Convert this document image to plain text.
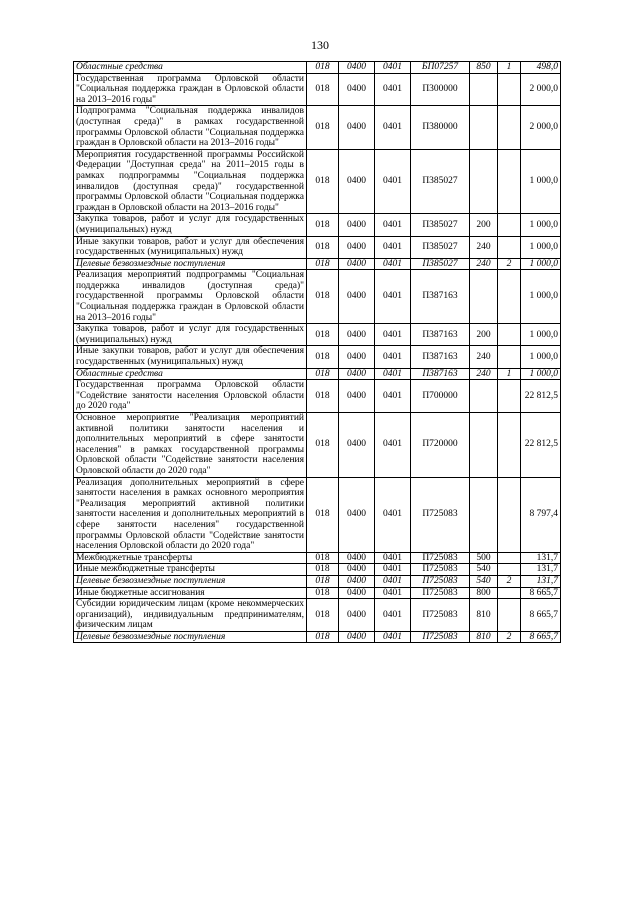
130
Областные средства	018	0400	0401	БП07257	850	1	498,0
Государственная программа Орловской области "Социальная поддержка граждан в Орловской области на 2013–2016 годы"	018	0400	0401	П300000			2 000,0
Подпрограмма "Социальная поддержка инвалидов (доступная среда)" в рамках государственной программы Орловской области "Социальная поддержка граждан в Орловской области на 2013–2016 годы"	018	0400	0401	П380000			2 000,0
Мероприятия государственной программы Российской Федерации "Доступная среда" на 2011–2015 годы в рамках подпрограммы "Социальная поддержка инвалидов (доступная среда)" государственной программы Орловской области "Социальная поддержка граждан в Орловской области на 2013–2016 годы"	018	0400	0401	П385027			1 000,0
Закупка товаров, работ и услуг для государственных (муниципальных) нужд	018	0400	0401	П385027	200		1 000,0
Иные закупки товаров, работ и услуг для обеспечения государственных (муниципальных) нужд	018	0400	0401	П385027	240		1 000,0
Целевые безвозмездные поступления	018	0400	0401	П385027	240	2	1 000,0
Реализация мероприятий подпрограммы "Социальная поддержка инвалидов (доступная среда)" государственной программы Орловской области "Социальная поддержка граждан в Орловской области на 2013–2016 годы"	018	0400	0401	П387163			1 000,0
Закупка товаров, работ и услуг для государственных (муниципальных) нужд	018	0400	0401	П387163	200		1 000,0
Иные закупки товаров, работ и услуг для обеспечения государственных (муниципальных) нужд	018	0400	0401	П387163	240		1 000,0
Областные средства	018	0400	0401	П387163	240	1	1 000,0
Государственная программа Орловской области "Содействие занятости населения Орловской области до 2020 года"	018	0400	0401	П700000			22 812,5
Основное мероприятие "Реализация мероприятий активной политики занятости населения и дополнительных мероприятий в сфере занятости населения" в рамках государственной программы Орловской области "Содействие занятости населения Орловской области до 2020 года"	018	0400	0401	П720000			22 812,5
Реализация дополнительных мероприятий в сфере занятости населения в рамках основного мероприятия "Реализация мероприятий активной политики занятости населения и дополнительных мероприятий в сфере занятости населения" государственной программы Орловской области "Содействие занятости населения Орловской области до 2020 года"	018	0400	0401	П725083			8 797,4
Межбюджетные трансферты	018	0400	0401	П725083	500		131,7
Иные межбюджетные трансферты	018	0400	0401	П725083	540		131,7
Целевые безвозмездные поступления	018	0400	0401	П725083	540	2	131,7
Иные бюджетные ассигнования	018	0400	0401	П725083	800		8 665,7
Субсидии юридическим лицам (кроме некоммерческих организаций), индивидуальным предпринимателям, физическим лицам	018	0400	0401	П725083	810		8 665,7
Целевые безвозмездные поступления	018	0400	0401	П725083	810	2	8 665,7
